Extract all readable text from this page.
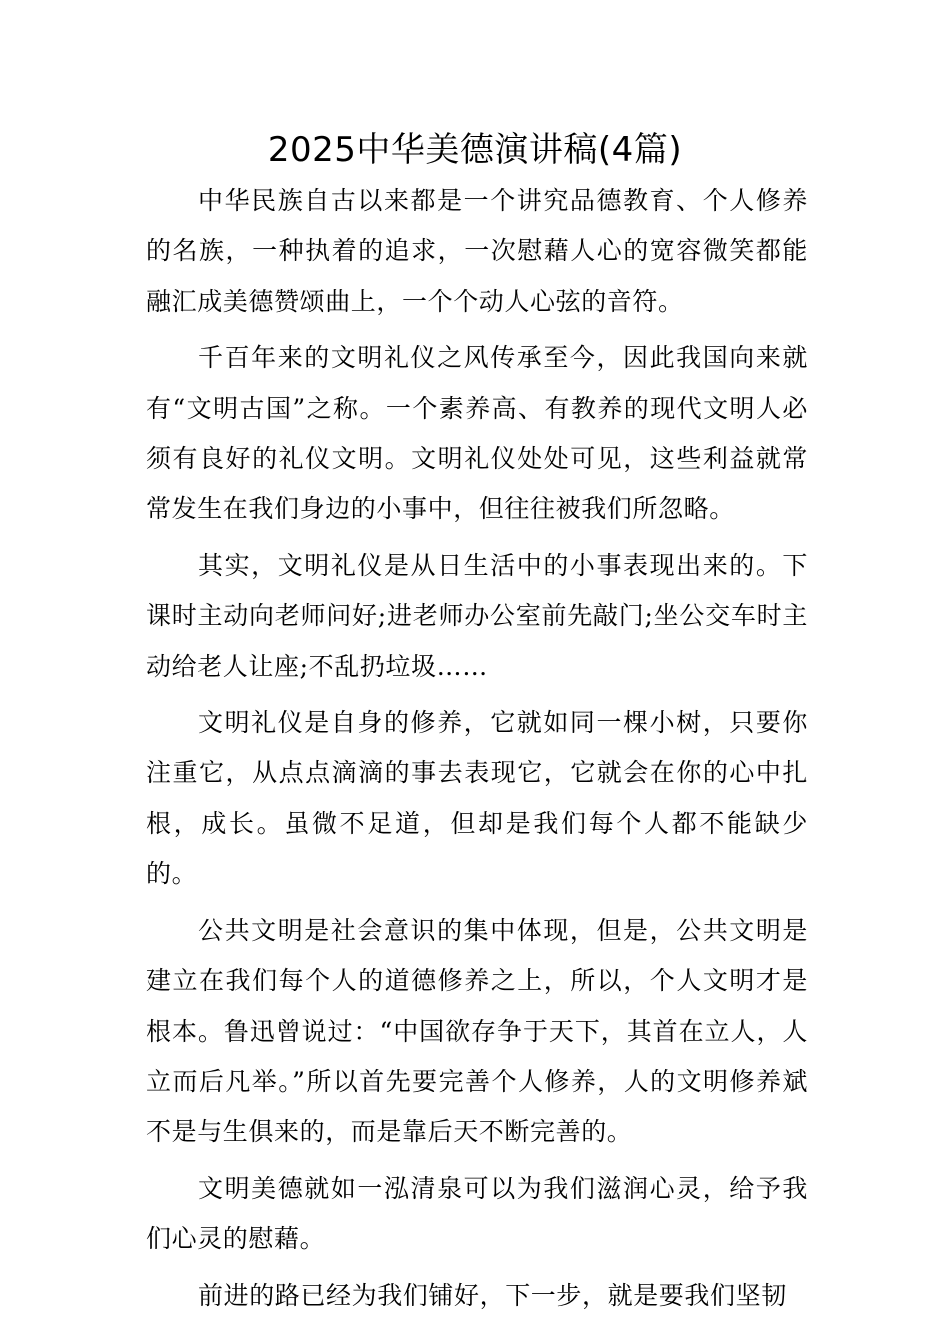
2025中华美德演讲稿(4篇)

中华民族自古以来都是一个讲究品德教育、个人修养的名族，一种执着的追求，一次慰藉人心的宽容微笑都能融汇成美德赞颂曲上，一个个动人心弦的音符。

千百年来的文明礼仪之风传承至今，因此我国向来就有“文明古国”之称。一个素养高、有教养的现代文明人必须有良好的礼仪文明。文明礼仪处处可见，这些利益就常常发生在我们身边的小事中，但往往被我们所忽略。

其实，文明礼仪是从日生活中的小事表现出来的。下课时主动向老师问好;进老师办公室前先敲门;坐公交车时主动给老人让座;不乱扔垃圾……

文明礼仪是自身的修养，它就如同一棵小树，只要你注重它，从点点滴滴的事去表现它，它就会在你的心中扎根，成长。虽微不足道，但却是我们每个人都不能缺少的。

公共文明是社会意识的集中体现，但是，公共文明是建立在我们每个人的道德修养之上，所以，个人文明才是根本。鲁迅曾说过：“中国欲存争于天下，其首在立人，人立而后凡举。”所以首先要完善个人修养，人的文明修养斌不是与生俱来的，而是靠后天不断完善的。

文明美德就如一泓清泉可以为我们滋润心灵，给予我们心灵的慰藉。

前进的路已经为我们铺好，下一步，就是要我们坚韧
